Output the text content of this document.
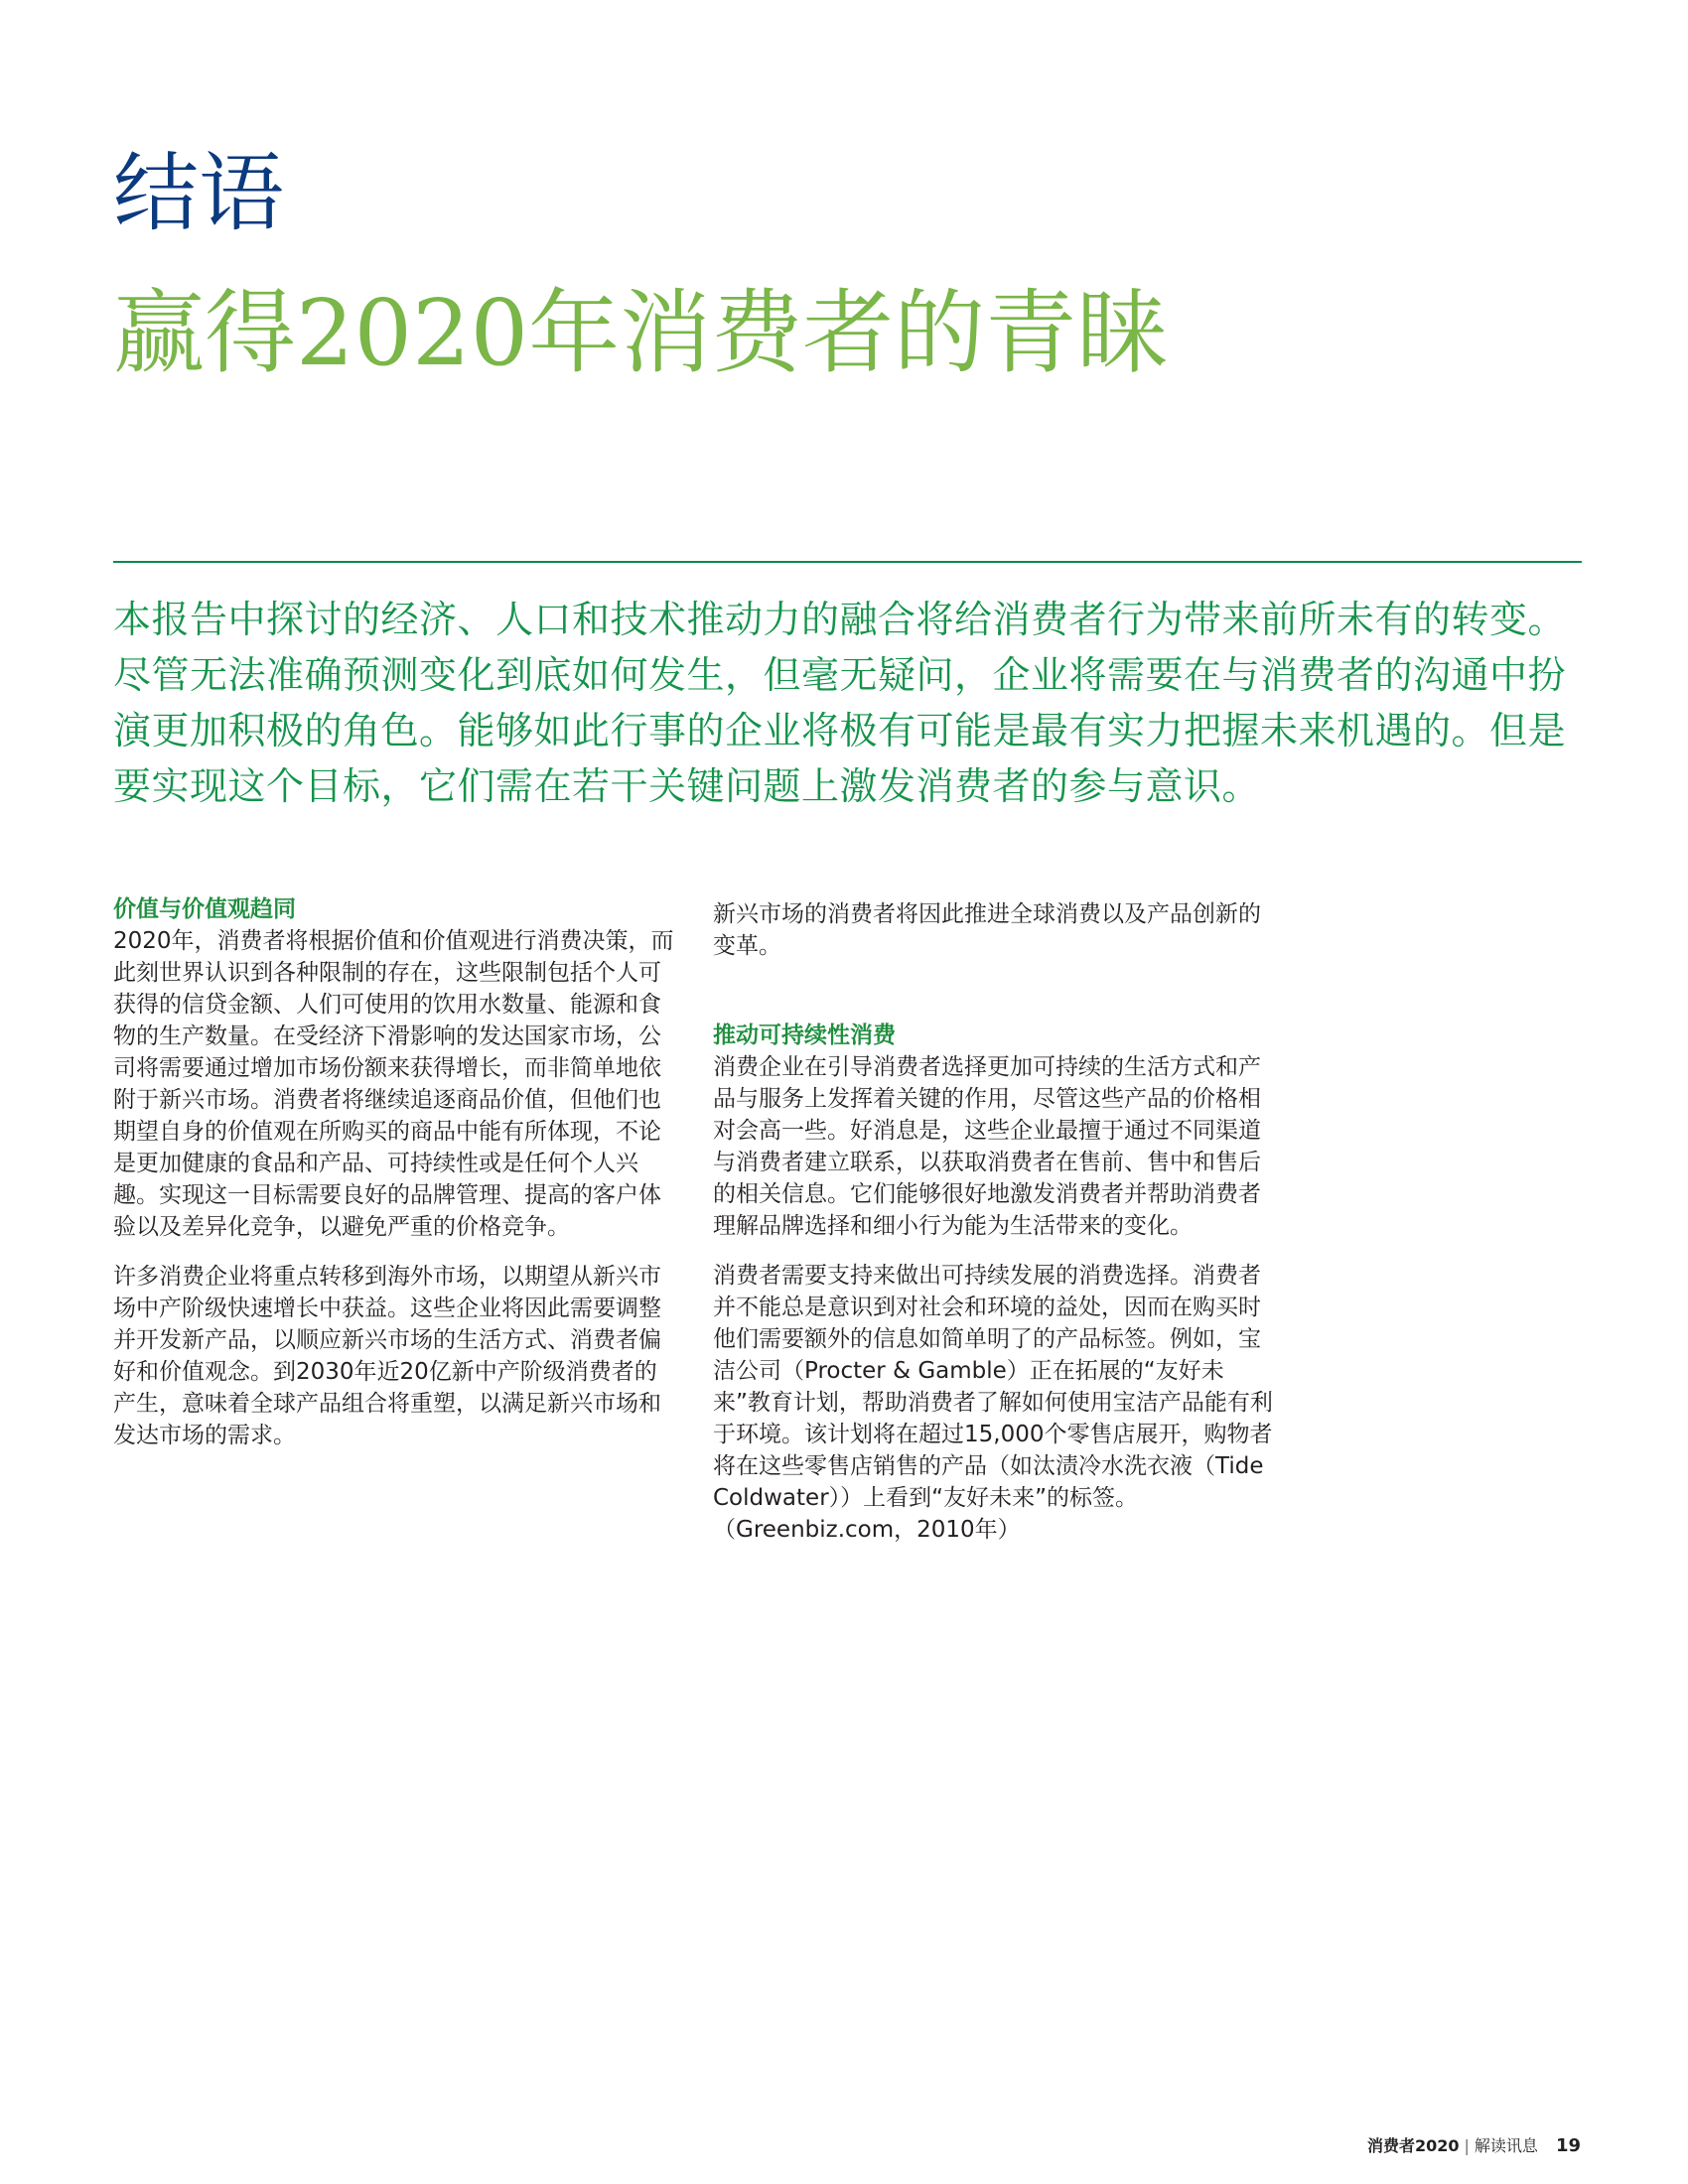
结语
赢得2020年消费者的青睐

本报告中探讨的经济、人口和技术推动力的融合将给消费者行为带来前所未有的转变。尽管无法准确预测变化到底如何发生，但毫无疑问，企业将需要在与消费者的沟通中扮演更加积极的角色。能够如此行事的企业将极有可能是最有实力把握未来机遇的。但是要实现这个目标，它们需在若干关键问题上激发消费者的参与意识。

价值与价值观趋同

2020年，消费者将根据价值和价值观进行消费决策，而此刻世界认识到各种限制的存在，这些限制包括个人可获得的信贷金额、人们可使用的饮用水数量、能源和食物的生产数量。在受经济下滑影响的发达国家市场，公司将需要通过增加市场份额来获得增长，而非简单地依附于新兴市场。消费者将继续追逐商品价值，但他们也期望自身的价值观在所购买的商品中能有所体现，不论是更加健康的食品和产品、可持续性或是任何个人兴趣。实现这一目标需要良好的品牌管理、提高的客户体验以及差异化竞争，以避免严重的价格竞争。

许多消费企业将重点转移到海外市场，以期望从新兴市场中产阶级快速增长中获益。这些企业将因此需要调整并开发新产品，以顺应新兴市场的生活方式、消费者偏好和价值观念。到2030年近20亿新中产阶级消费者的产生，意味着全球产品组合将重塑，以满足新兴市场和发达市场的需求。

新兴市场的消费者将因此推进全球消费以及产品创新的变革。

推动可持续性消费

消费企业在引导消费者选择更加可持续的生活方式和产品与服务上发挥着关键的作用，尽管这些产品的价格相对会高一些。好消息是，这些企业最擅于通过不同渠道与消费者建立联系，以获取消费者在售前、售中和售后的相关信息。它们能够很好地激发消费者并帮助消费者理解品牌选择和细小行为能为生活带来的变化。

消费者需要支持来做出可持续发展的消费选择。消费者并不能总是意识到对社会和环境的益处，因而在购买时他们需要额外的信息如简单明了的产品标签。例如，宝洁公司（Procter & Gamble）正在拓展的“友好未来”教育计划，帮助消费者了解如何使用宝洁产品能有利于环境。该计划将在超过15,000个零售店展开，购物者将在这些零售店销售的产品（如汰渍冷水洗衣液（Tide Coldwater））上看到“友好未来”的标签。（Greenbiz.com，2010年）

消费者2020 | 解读讯息 19
